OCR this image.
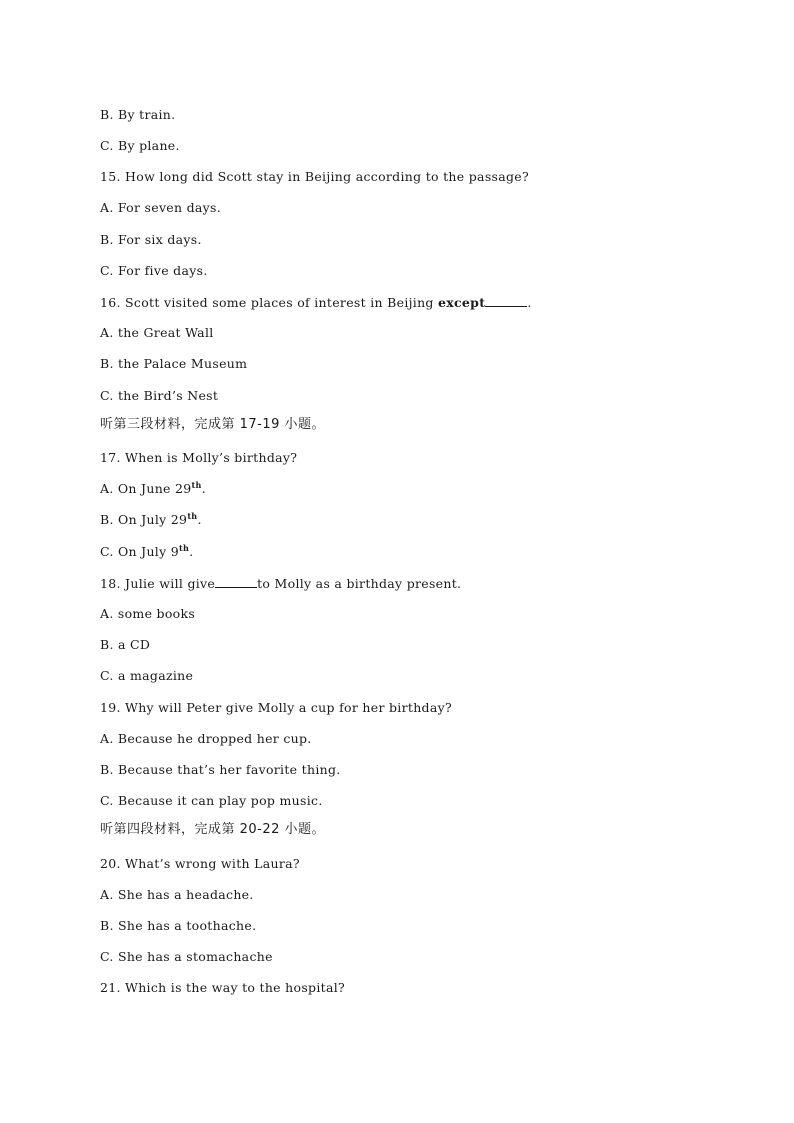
B. By train.
C. By plane.
15. How long did Scott stay in Beijing according to the passage?
A. For seven days.
B. For six days.
C. For five days.
16. Scott visited some places of interest in Beijing except	.
A. the Great Wall
B. the Palace Museum
C. the Bird’s Nest
听第三段材料，完成第 17-19 小题。
17. When is Molly’s birthday?
A. On June 29th.
B. On July 29th.
C. On July 9th.
18. Julie will give	to Molly as a birthday present.
A. some books
B. a CD
C. a magazine
19. Why will Peter give Molly a cup for her birthday?
A. Because he dropped her cup.
B. Because that’s her favorite thing.
C. Because it can play pop music.
听第四段材料，完成第 20-22 小题。
20. What’s wrong with Laura?
A. She has a headache.
B. She has a toothache.
C. She has a stomachache
21. Which is the way to the hospital?
